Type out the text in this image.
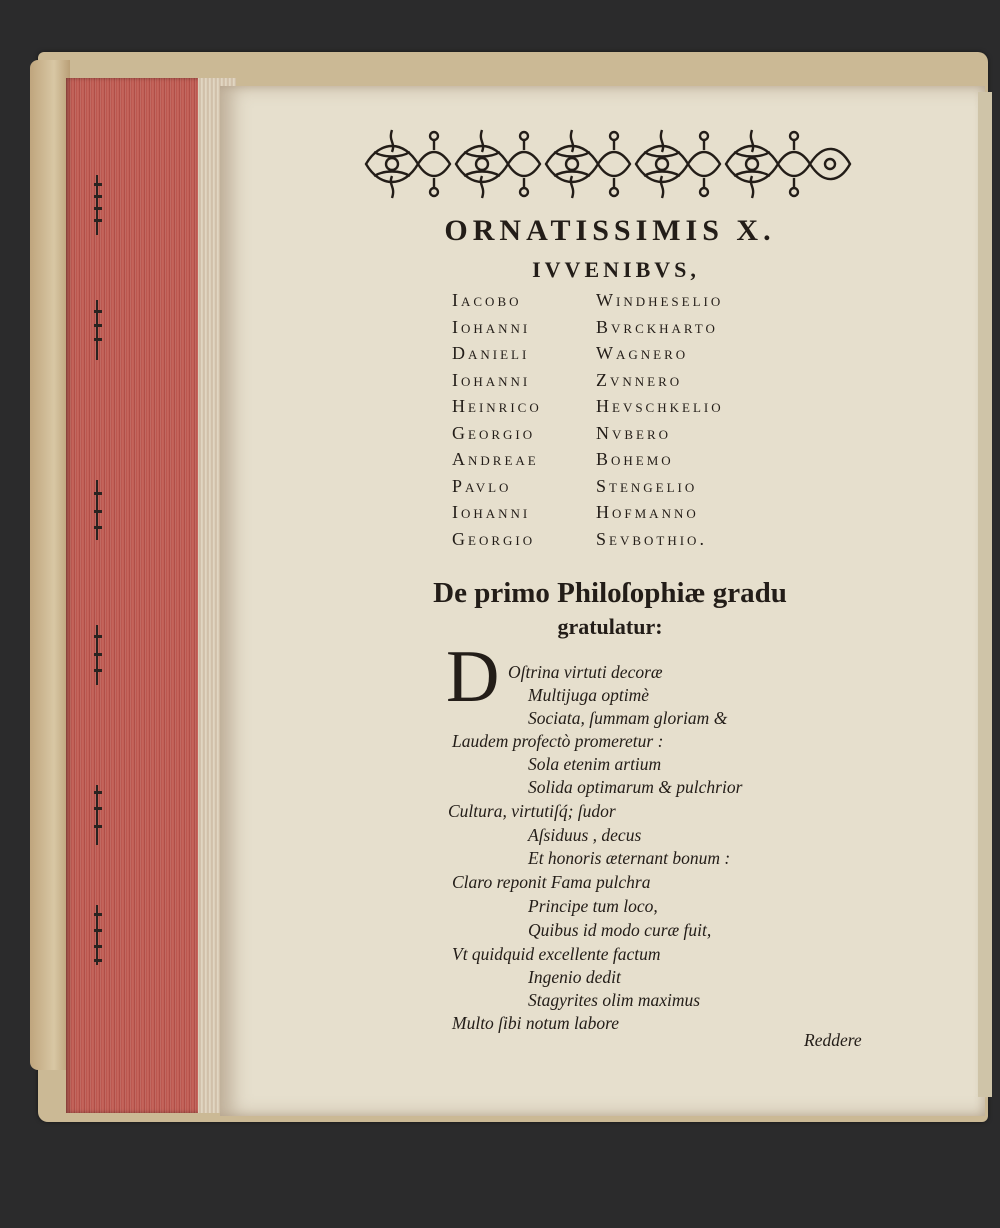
ORNATISSIMIS X.
IVVENIBVS,
Iacobo	Windheselio
Iohanni	Bvrckharto
Danieli	Wagnero
Iohanni	Zvnnero
Heinrico	Hevschkelio
Georgio	Nvbero
Andreae	Bohemo
Pavlo	Stengelio
Iohanni	Hofmanno
Georgio	Sevbothio.
De primo Philoſophiæ gradu
gratulatur:
D Oſtrina virtuti decoræ
Multijuga optimè
Sociata, ſummam gloriam &
Laudem profectò promeretur :
Sola etenim artium
Solida optimarum & pulchrior
Cultura, virtutiſq́; ſudor
Aſsiduus , decus
Et honoris æternant bonum :
Claro reponit Fama pulchra
Principe tum loco,
Quibus id modo curæ fuit,
Vt quidquid excellente factum
Ingenio dedit
Stagyrites olim maximus
Multo ſibi notum labore
Reddere
